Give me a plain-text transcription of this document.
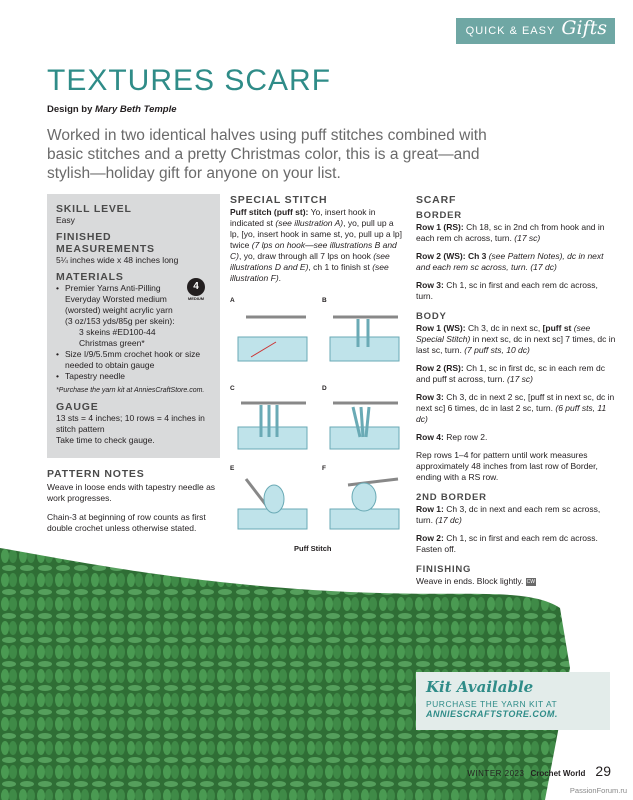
QUICK & EASY Gifts
TEXTURES SCARF
Design by Mary Beth Temple

Worked in two identical halves using puff stitches combined with basic stitches and a pretty Christmas color, this is a great—and stylish—holiday gift for anyone on your list.

SKILL LEVEL

Easy

FINISHED MEASUREMENTS

5¼ inches wide x 48 inches long

MATERIALS
• Premier Yarns Anti-Pilling Everyday Worsted medium (worsted) weight acrylic yarn (3 oz/153 yds/85g per skein):

3 skeins #ED100-44 Christmas green*
• Size I/9/5.5mm crochet hook or size needed to obtain gauge
• Tapestry needle

*Purchase the yarn kit at AnniesCraftStore.com.

4
MEDIUM
GAUGE

13 sts = 4 inches; 10 rows = 4 inches in stitch pattern

Take time to check gauge.

PATTERN NOTES

Weave in loose ends with tapestry needle as work progresses.

Chain-3 at beginning of row counts as first double crochet unless otherwise stated.

SPECIAL STITCH

Puff stitch (puff st): Yo, insert hook in indicated st (see illustration A), yo, pull up a lp, [yo, insert hook in same st, yo, pull up a lp] twice (7 lps on hook—see illustrations B and C), yo, draw through all 7 lps on hook (see illustrations D and E), ch 1 to finish st (see illustration F).

A	B
C	D
E	F
Puff Stitch
SCARF
BORDER

Row 1 (RS): Ch 18, sc in 2nd ch from hook and in each rem ch across, turn. (17 sc)

Row 2 (WS): Ch 3 (see Pattern Notes), dc in next and each rem sc across, turn. (17 dc)

Row 3: Ch 1, sc in first and each rem dc across, turn.

BODY

Row 1 (WS): Ch 3, dc in next sc, [puff st (see Special Stitch) in next sc, dc in next sc] 7 times, dc in last sc, turn. (7 puff sts, 10 dc)

Row 2 (RS): Ch 1, sc in first dc, sc in each rem dc and puff st across, turn. (17 sc)

Row 3: Ch 3, dc in next 2 sc, [puff st in next sc, dc in next sc] 6 times, dc in last 2 sc, turn. (6 puff sts, 11 dc)

Row 4: Rep row 2.

Rep rows 1–4 for pattern until work measures approximately 48 inches from last row of Border, ending with a RS row.

2ND BORDER

Row 1: Ch 3, dc in next and each rem sc across, turn. (17 dc)

Row 2: Ch 1, sc in first and each rem dc across. Fasten off.

FINISHING

Weave in ends. Block lightly. CW

Kit Available
PURCHASE THE YARN KIT AT
ANNIESCRAFTSTORE.COM.
WINTER 2023 Crochet World 29
PassionForum.ru
